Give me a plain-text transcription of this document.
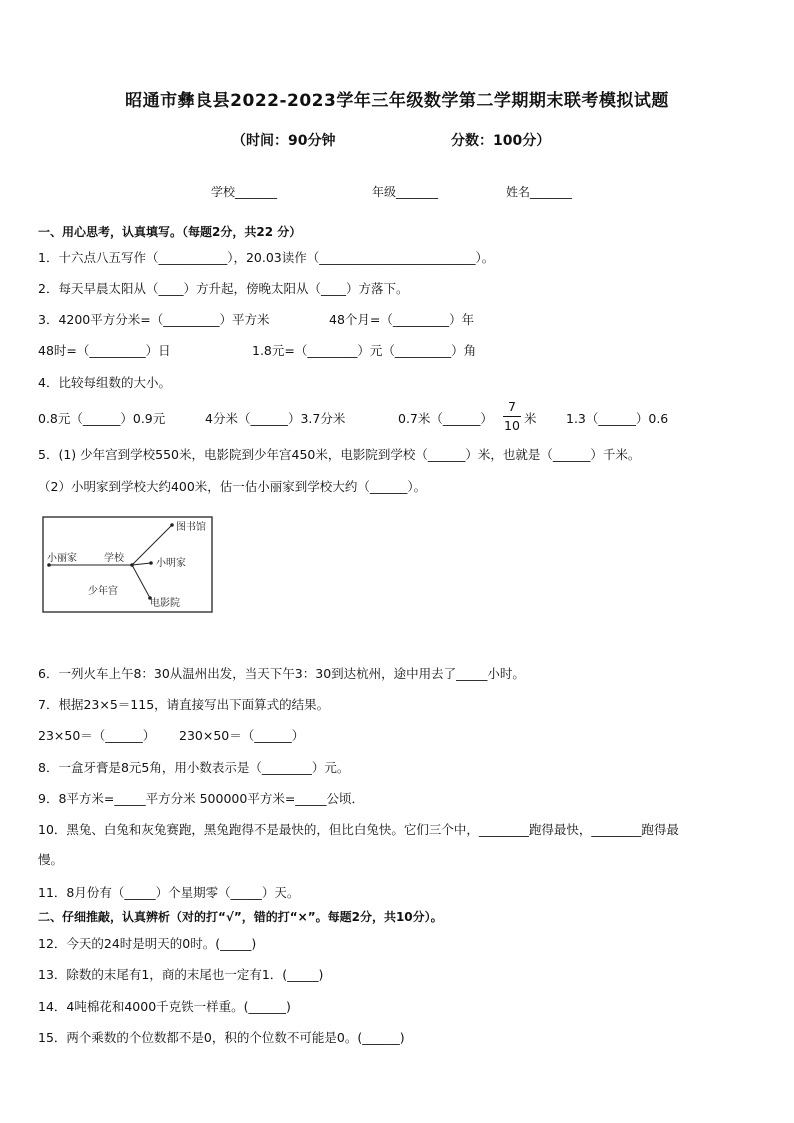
昭通市彝良县2022-2023学年三年级数学第二学期期末联考模拟试题
（时间：90分钟	分数：100分）
学校_______	年级_______	姓名_______
一、用心思考，认真填写。（每题2分，共22 分）
1．十六点八五写作（___________），20.03读作（_________________________）。
2．每天早晨太阳从（____）方升起，傍晚太阳从（____）方落下。
3．4200平方分米=（_________）平方米	48个月=（_________）年
48时=（_________）日	1.8元=（________）元（_________）角
4．比较每组数的大小。
0.8元（______）0.9元	4分米（______）3.7分米	0.7米（______）
7
10 米 1.3（______）0.6
5．(1) 少年宫到学校550米，电影院到少年宫450米，电影院到学校（______）米，也就是（______）千米。
（2）小明家到学校大约400米，估一估小丽家到学校大约（______）。
小丽家	学校
图书馆
小明家
少年宫
电影院
6．一列火车上午8：30从温州出发，当天下午3：30到达杭州，途中用去了_____小时。
7．根据23×5＝115，请直接写出下面算式的结果。
23×50＝（______） 230×50＝（______）
8．一盒牙膏是8元5角，用小数表示是（________）元。
9．8平方米=_____平方分米 500000平方米=_____公顷．
10．黑兔、白兔和灰兔赛跑，黑兔跑得不是最快的，但比白兔快。它们三个中，________跑得最快，________跑得最
慢。
11．8月份有（_____）个星期零（_____）天。
二、仔细推敲，认真辨析（对的打“√”，错的打“×”。每题2分，共10分）。
12．今天的24时是明天的0时。(_____)
13．除数的末尾有1，商的末尾也一定有1．(_____)
14．4吨棉花和4000千克铁一样重。(______)
15．两个乘数的个位数都不是0，积的个位数不可能是0。(______)
